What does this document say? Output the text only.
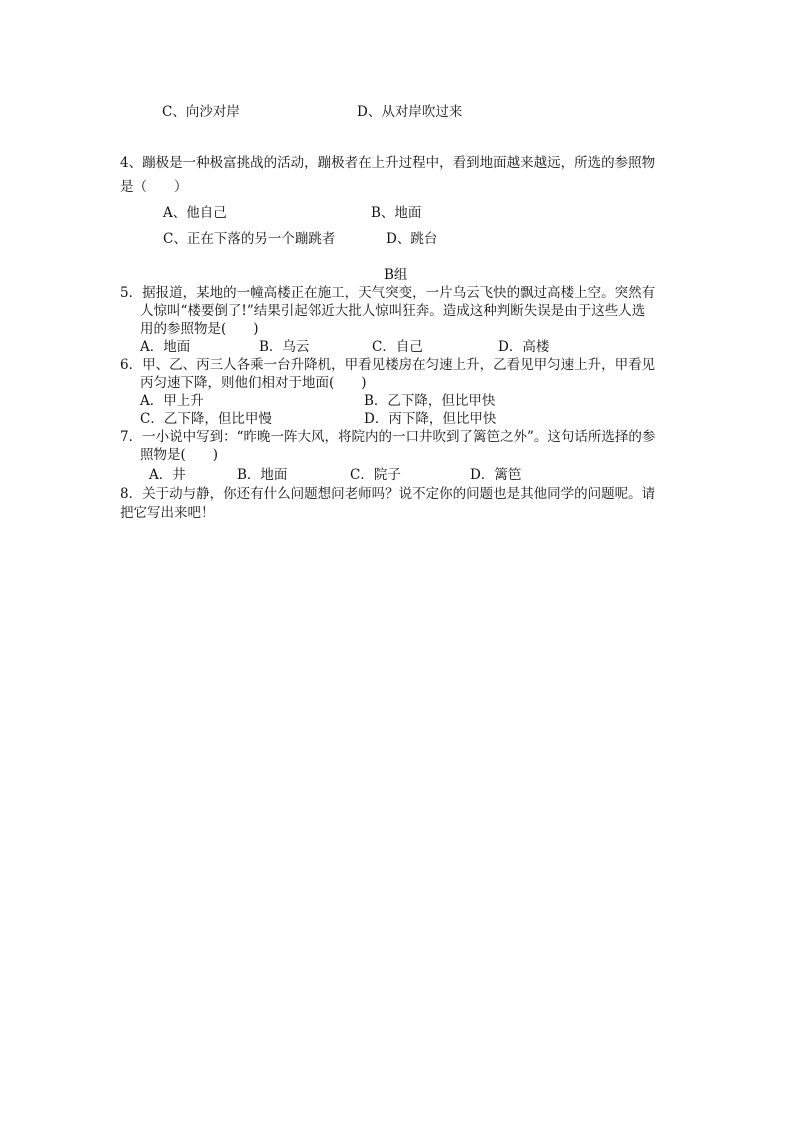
C、向沙对岸	D、从对岸吹过来
4、蹦极是一种极富挑战的活动，蹦极者在上升过程中，看到地面越来越远，所选的参照物
是（　　）
A、他自己	B、地面
C、正在下落的另一个蹦跳者	D、跳台
B组
5．据报道，某地的一幢高楼正在施工，天气突变，一片乌云飞快的飘过高楼上空。突然有
人惊叫“楼要倒了!”结果引起邻近大批人惊叫狂奔。造成这种判断失误是由于这些人选
用的参照物是(　　)
A．地面	B．乌云	C．自己	D．高楼
6．甲、乙、丙三人各乘一台升降机，甲看见楼房在匀速上升，乙看见甲匀速上升，甲看见
丙匀速下降，则他们相对于地面(　　)
A．甲上升	B．乙下降，但比甲快
C．乙下降，但比甲慢	D．丙下降，但比甲快
7．一小说中写到：“昨晚一阵大风，将院内的一口井吹到了篱笆之外”。这句话所选择的参
照物是(　　)
A．井	B．地面	C．院子	D．篱笆
8．关于动与静，你还有什么问题想问老师吗？说不定你的问题也是其他同学的问题呢。请
把它写出来吧！
